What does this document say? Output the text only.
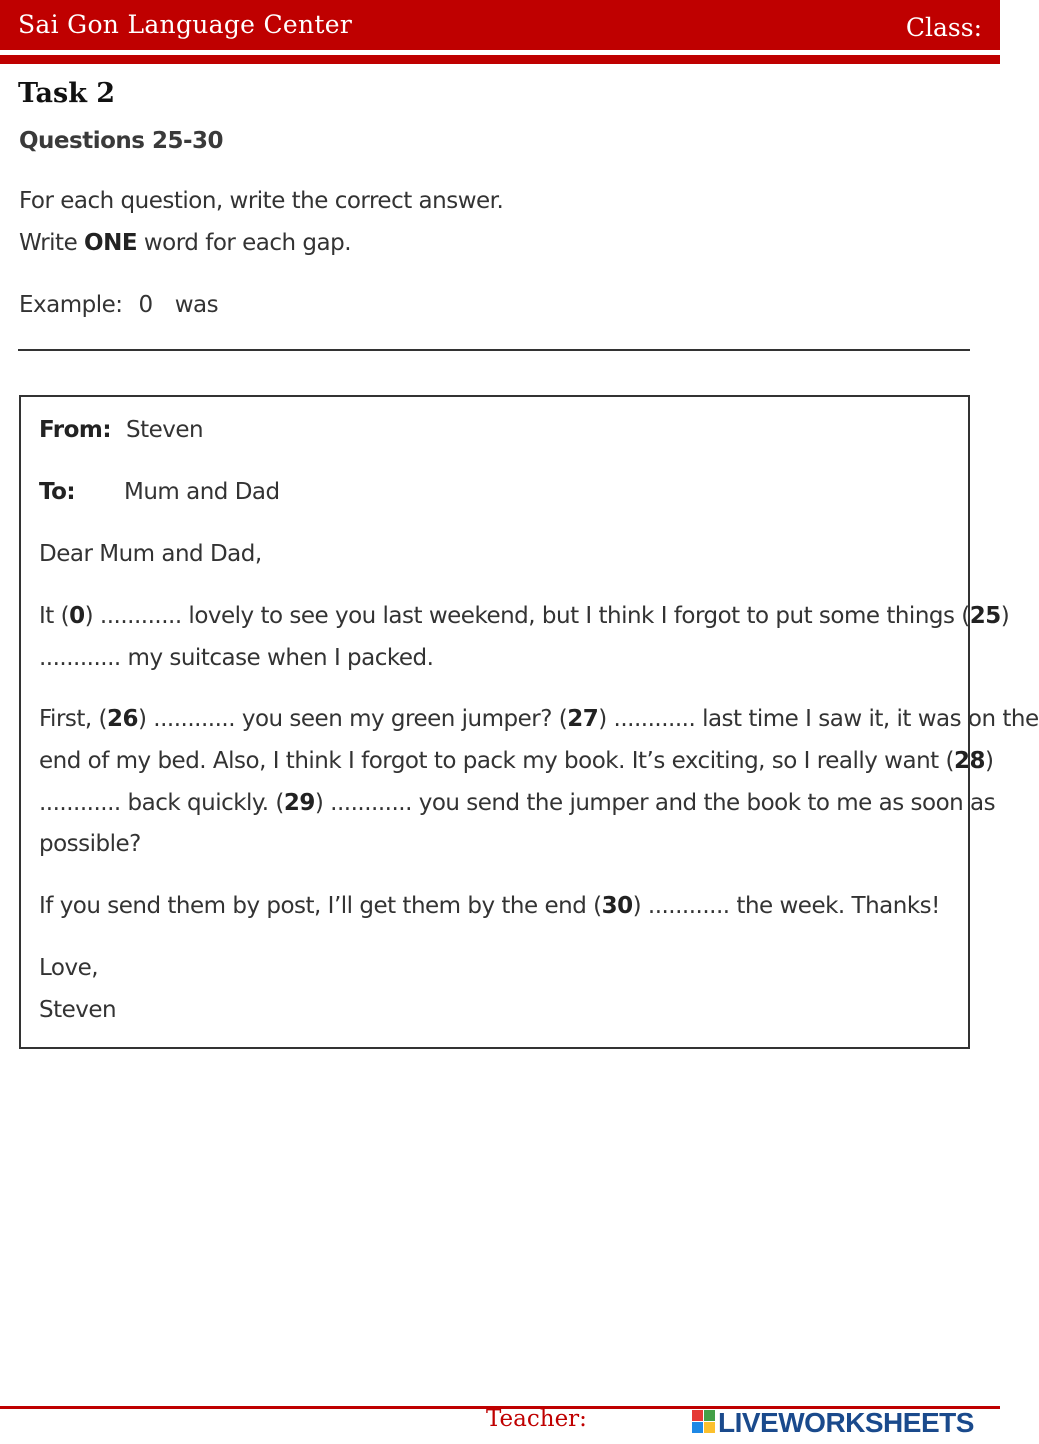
Sai Gon Language Center	Class:
Task 2
Questions 25-30
For each question, write the correct answer.
Write ONE word for each gap.
Example: 0 was
From: Steven
To: Mum and Dad
Dear Mum and Dad,
It (0) ............ lovely to see you last weekend, but I think I forgot to put some things (25)
............ my suitcase when I packed.
First, (26) ............ you seen my green jumper? (27) ............ last time I saw it, it was on the
end of my bed. Also, I think I forgot to pack my book. It’s exciting, so I really want (28)
............ back quickly. (29) ............ you send the jumper and the book to me as soon as
possible?
If you send them by post, I’ll get them by the end (30) ............ the week. Thanks!
Love,
Steven
Teacher:	LIVEWORKSHEETS
